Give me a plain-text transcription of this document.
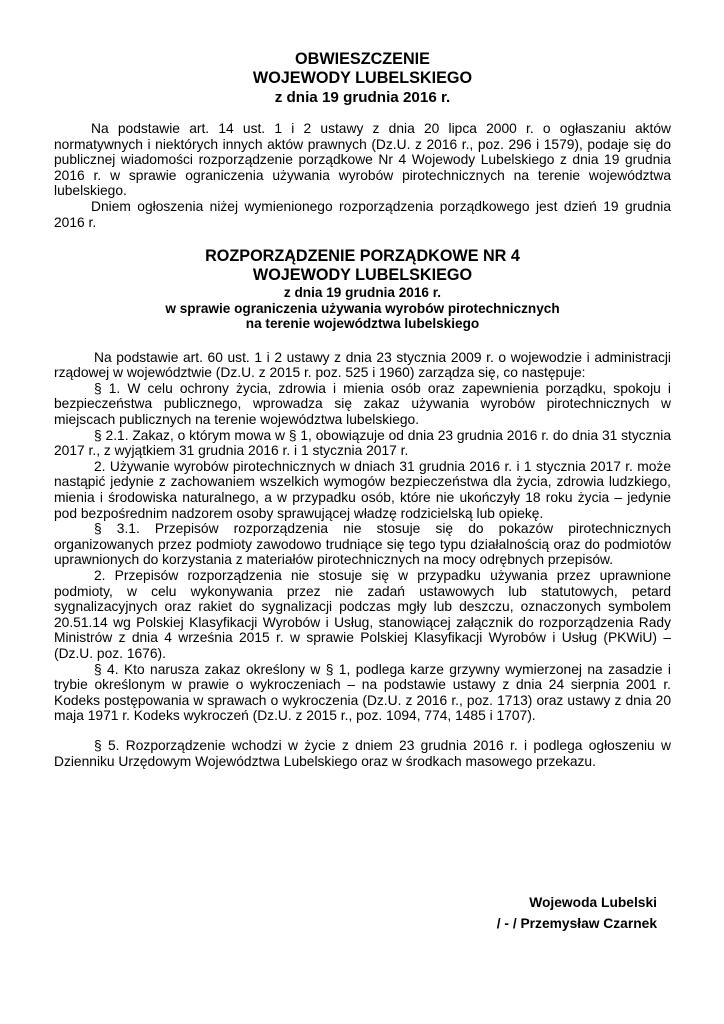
OBWIESZCZENIE
WOJEWODY LUBELSKIEGO
z dnia 19 grudnia 2016 r.

Na podstawie art. 14 ust. 1 i 2 ustawy z dnia 20 lipca 2000 r. o ogłaszaniu aktów normatywnych i niektórych innych aktów prawnych (Dz.U. z 2016 r., poz. 296 i 1579), podaje się do publicznej wiadomości rozporządzenie porządkowe Nr 4 Wojewody Lubelskiego z dnia 19 grudnia 2016 r. w sprawie ograniczenia używania wyrobów pirotechnicznych na terenie województwa lubelskiego.

Dniem ogłoszenia niżej wymienionego rozporządzenia porządkowego jest dzień 19 grudnia 2016 r.

ROZPORZĄDZENIE PORZĄDKOWE NR 4
WOJEWODY LUBELSKIEGO
z dnia 19 grudnia 2016 r.
w sprawie ograniczenia używania wyrobów pirotechnicznych
na terenie województwa lubelskiego

Na podstawie art. 60 ust. 1 i 2 ustawy z dnia 23 stycznia 2009 r. o wojewodzie i administracji rządowej w województwie (Dz.U. z 2015 r. poz. 525 i 1960) zarządza się, co następuje:

§ 1. W celu ochrony życia, zdrowia i mienia osób oraz zapewnienia porządku, spokoju i bezpieczeństwa publicznego, wprowadza się zakaz używania wyrobów pirotechnicznych w miejscach publicznych na terenie województwa lubelskiego.

§ 2.1. Zakaz, o którym mowa w § 1, obowiązuje od dnia 23 grudnia 2016 r. do dnia 31 stycznia 2017 r., z wyjątkiem 31 grudnia 2016 r. i 1 stycznia 2017 r.

2. Używanie wyrobów pirotechnicznych w dniach 31 grudnia 2016 r. i 1 stycznia 2017 r. może nastąpić jedynie z zachowaniem wszelkich wymogów bezpieczeństwa dla życia, zdrowia ludzkiego, mienia i środowiska naturalnego, a w przypadku osób, które nie ukończyły 18 roku życia – jedynie pod bezpośrednim nadzorem osoby sprawującej władzę rodzicielską lub opiekę.

§ 3.1. Przepisów rozporządzenia nie stosuje się do pokazów pirotechnicznych organizowanych przez podmioty zawodowo trudniące się tego typu działalnością oraz do podmiotów uprawnionych do korzystania z materiałów pirotechnicznych na mocy odrębnych przepisów.

2. Przepisów rozporządzenia nie stosuje się w przypadku używania przez uprawnione podmioty, w celu wykonywania przez nie zadań ustawowych lub statutowych, petard sygnalizacyjnych oraz rakiet do sygnalizacji podczas mgły lub deszczu, oznaczonych symbolem 20.51.14 wg Polskiej Klasyfikacji Wyrobów i Usług, stanowiącej załącznik do rozporządzenia Rady Ministrów z dnia 4 września 2015 r. w sprawie Polskiej Klasyfikacji Wyrobów i Usług (PKWiU) – (Dz.U. poz. 1676).

§ 4. Kto narusza zakaz określony w § 1, podlega karze grzywny wymierzonej na zasadzie i trybie określonym w prawie o wykroczeniach – na podstawie ustawy z dnia 24 sierpnia 2001 r. Kodeks postępowania w sprawach o wykroczenia (Dz.U. z 2016 r., poz. 1713) oraz ustawy z dnia 20 maja 1971 r. Kodeks wykroczeń (Dz.U. z 2015 r., poz. 1094, 774, 1485 i 1707).

§ 5. Rozporządzenie wchodzi w życie z dniem 23 grudnia 2016 r. i podlega ogłoszeniu w Dzienniku Urzędowym Województwa Lubelskiego oraz w środkach masowego przekazu.

Wojewoda Lubelski
/ - / Przemysław Czarnek
